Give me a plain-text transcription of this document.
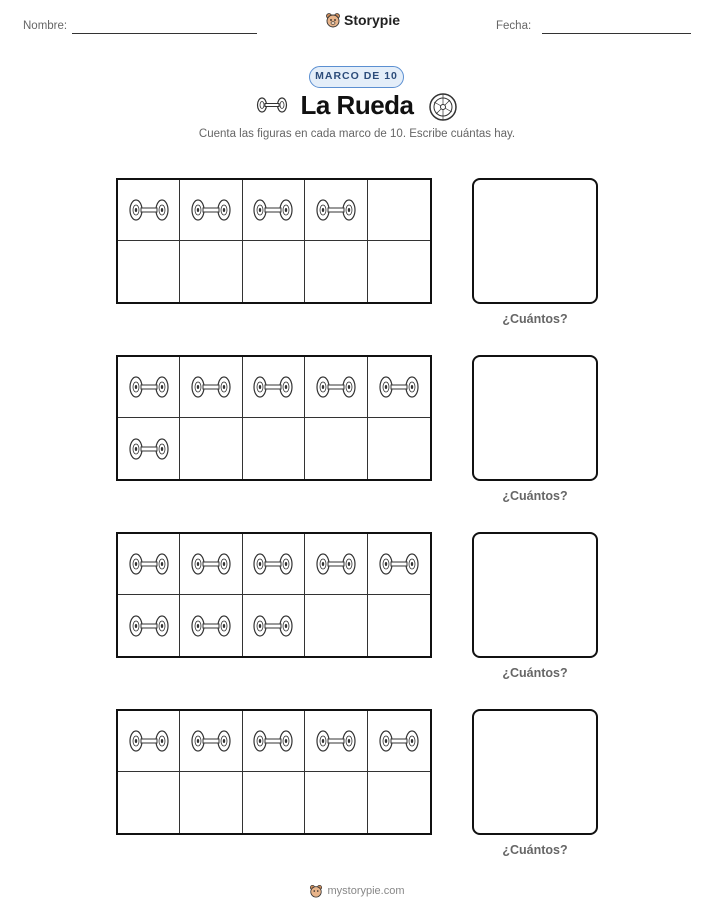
Nombre:	Storypie	Fecha:
MARCO DE 10
La Rueda
Cuenta las figuras en cada marco de 10. Escribe cuántas hay.
¿Cuántos?
¿Cuántos?
¿Cuántos?
¿Cuántos?
mystorypie.com
